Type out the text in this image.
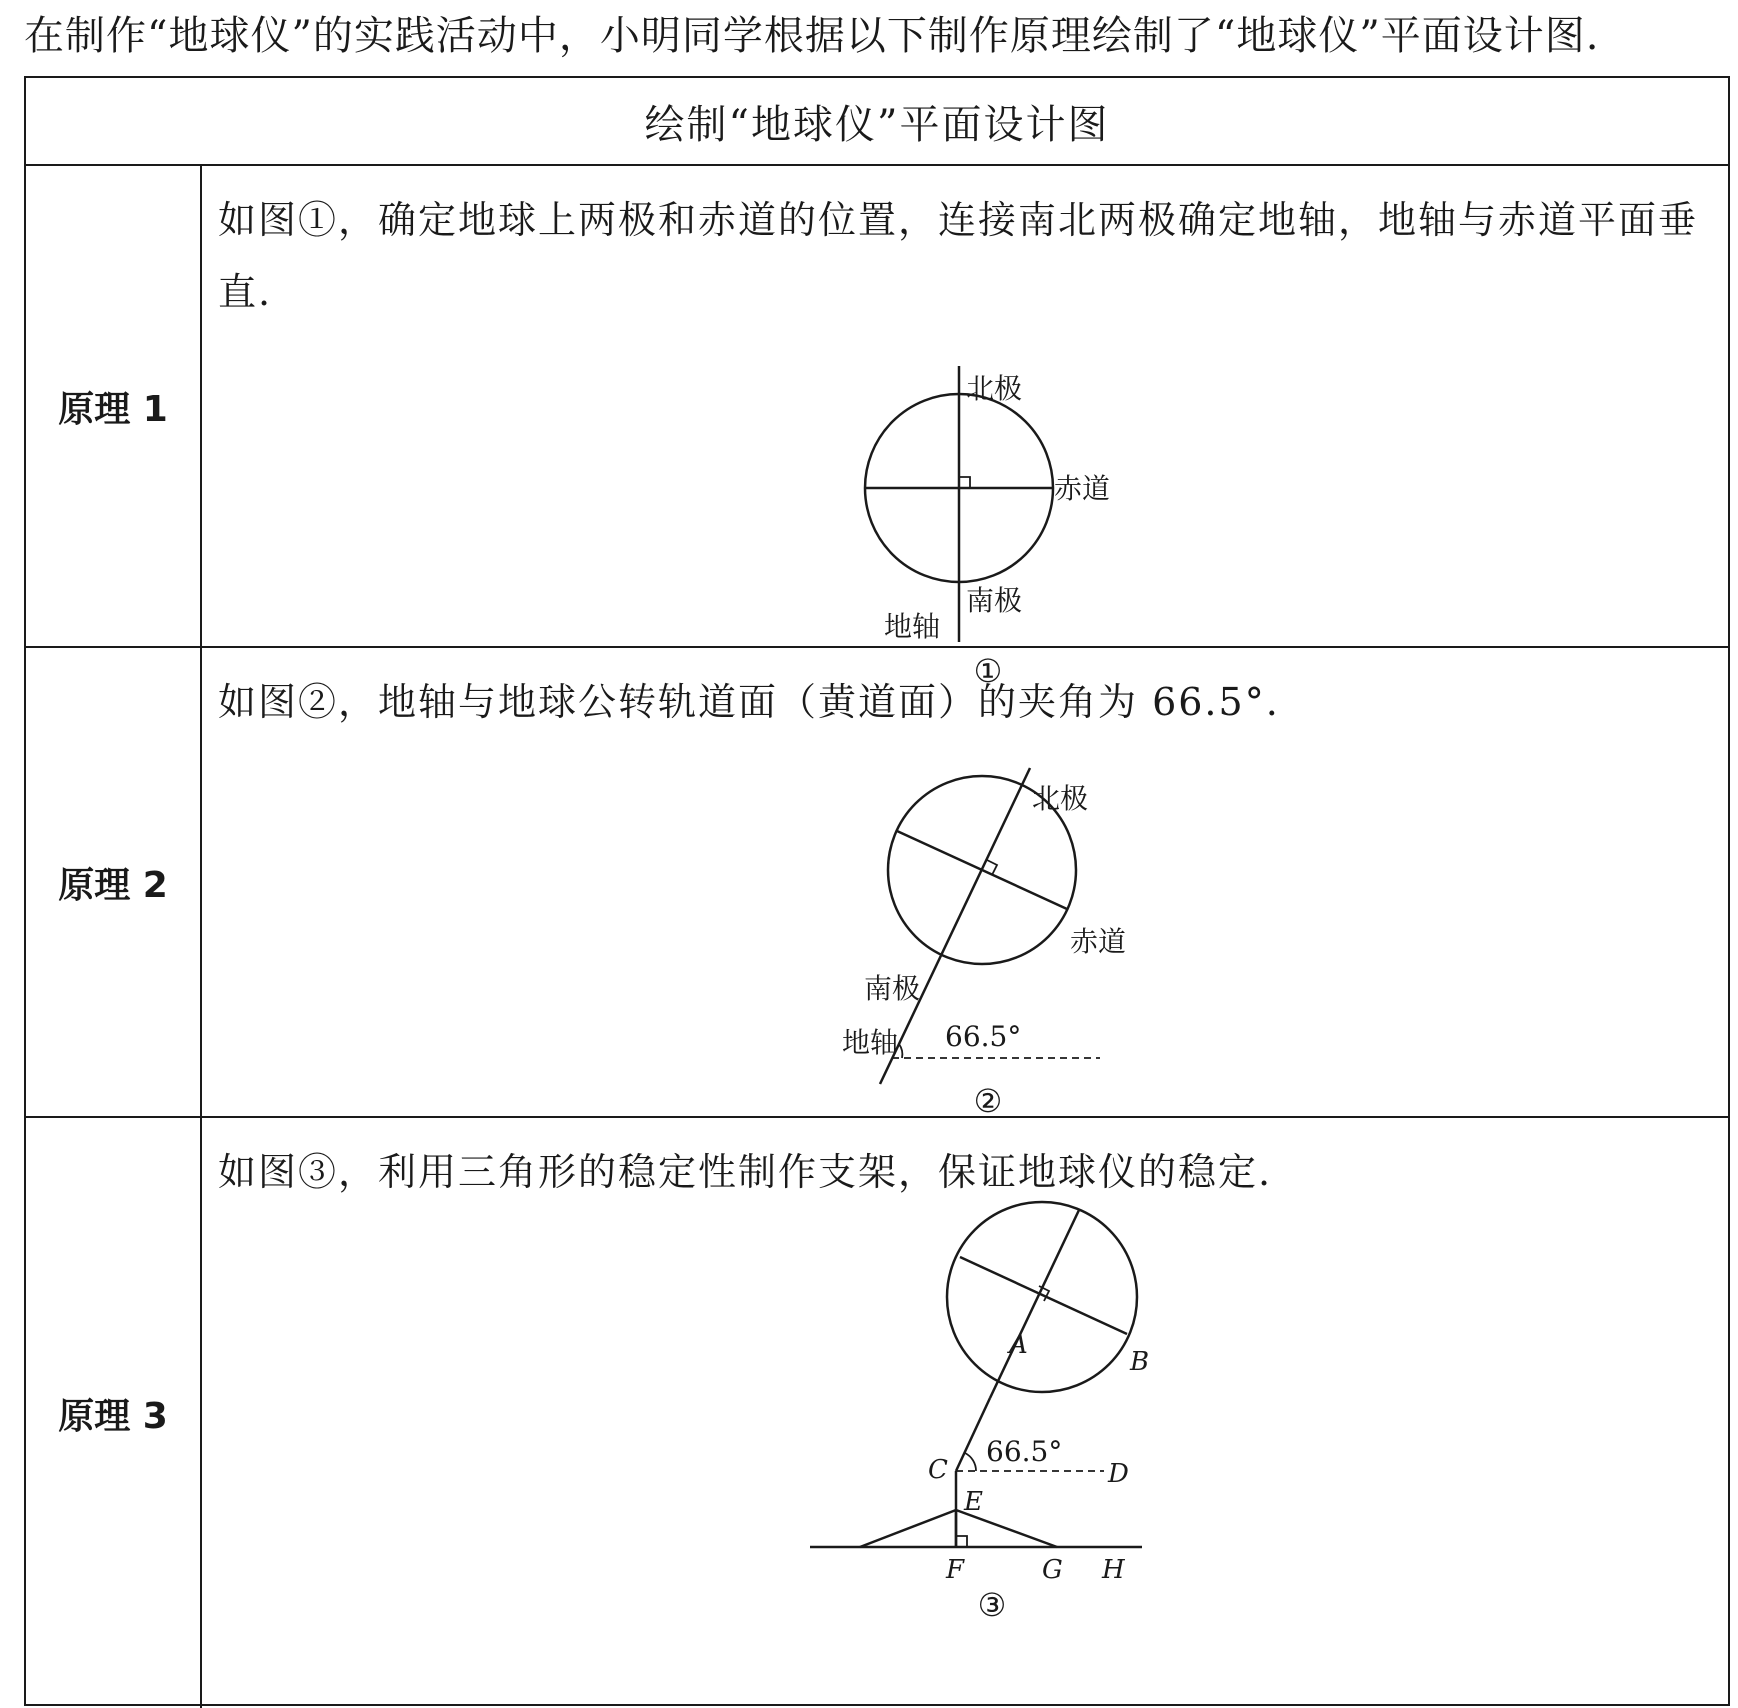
在制作“地球仪”的实践活动中，小明同学根据以下制作原理绘制了“地球仪”平面设计图.
绘制“地球仪”平面设计图
原理 1
如图①，确定地球上两极和赤道的位置，连接南北两极确定地轴，地轴与赤道平面垂直.
北极
赤道
南极
地轴
①
原理 2
如图②，地轴与地球公转轨道面（黄道面）的夹角为 66.5°.
北极
赤道
南极
地轴 66.5°
②
原理 3
如图③，利用三角形的稳定性制作支架，保证地球仪的稳定.
66.5°
A
B
C	D
E
F	G H
③
